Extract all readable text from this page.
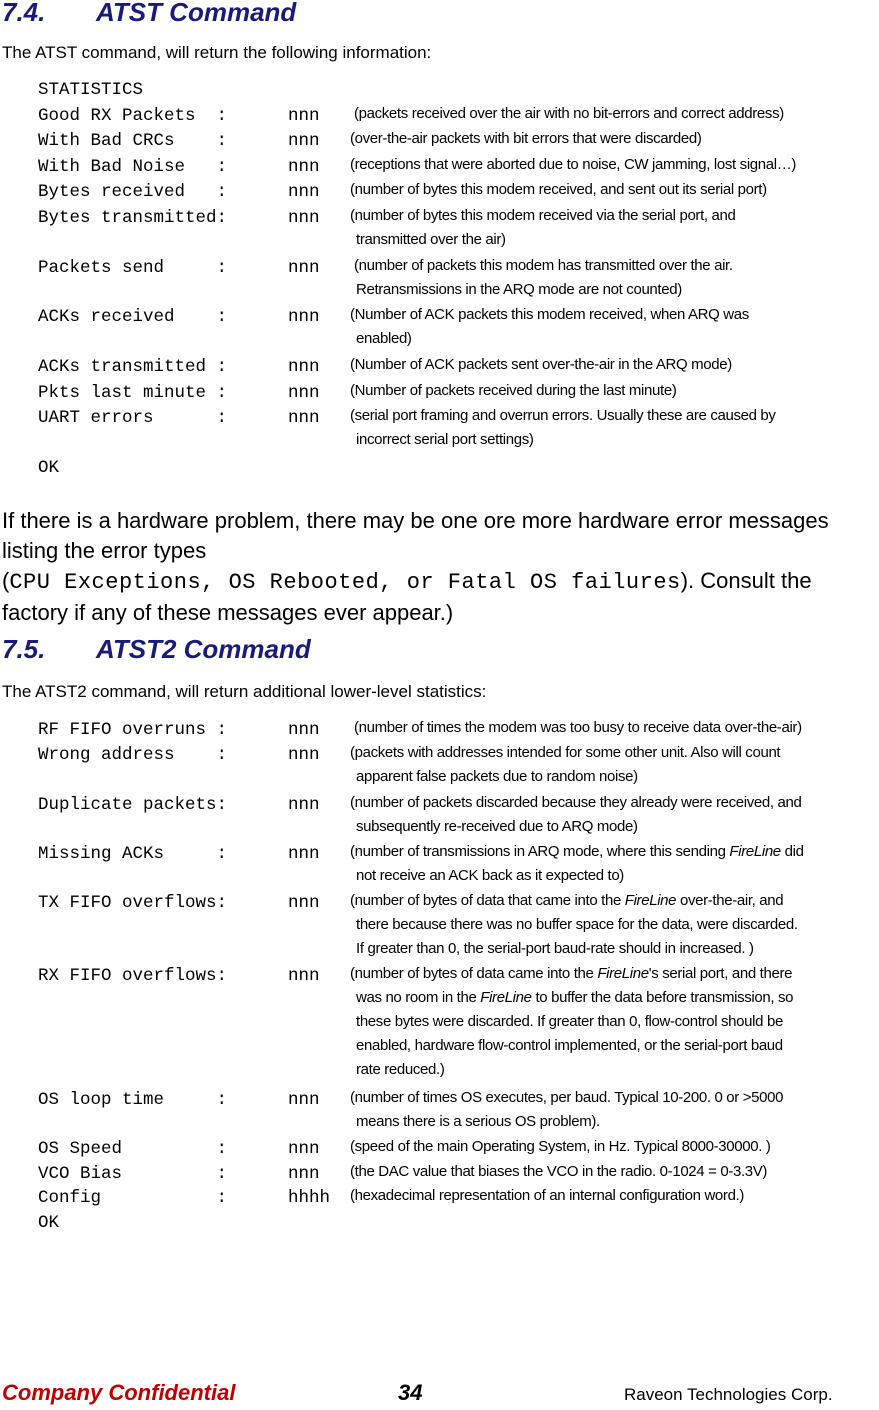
7.4. ATST Command

The ATST command, will return the following information:

STATISTICS

Good RX Packets  :	nnn (packets received over the air with no bit-errors and correct address)

With Bad CRCs    :	nnn (over-the-air packets with bit errors that were discarded)

With Bad Noise   :	nnn (receptions that were aborted due to noise, CW jamming, lost signal…)

Bytes received   :	nnn (number of bytes this modem received, and sent out its serial port)

Bytes transmitted:	nnn (number of bytes this modem received via the serial port, and

transmitted over the air)

Packets send     :	nnn (number of packets this modem has transmitted over the air.

Retransmissions in the ARQ mode are not counted)

ACKs received    :	nnn (Number of ACK packets this modem received, when ARQ was

enabled)

ACKs transmitted :	nnn (Number of ACK packets sent over-the-air in the ARQ mode)

Pkts last minute :	nnn (Number of packets received during the last minute)

UART errors      :	nnn (serial port framing and overrun errors. Usually these are caused by

incorrect serial port settings)

OK

If there is a hardware problem, there may be one ore more hardware error messages listing the error types (CPU Exceptions, OS Rebooted, or Fatal OS failures). Consult the factory if any of these messages ever appear.)

7.5. ATST2 Command

The ATST2 command, will return additional lower-level statistics:

RF FIFO overruns :	nnn (number of times the modem was too busy to receive data over-the-air)

Wrong address    :	nnn (packets with addresses intended for some other unit. Also will count

apparent false packets due to random noise)

Duplicate packets:	nnn (number of packets discarded because they already were received, and

subsequently re-received due to ARQ mode)

Missing ACKs     :	nnn (number of transmissions in ARQ mode, where this sending FireLine did

not receive an ACK back as it expected to)

TX FIFO overflows:	nnn (number of bytes of data that came into the FireLine over-the-air, and

there because there was no buffer space for the data, were discarded.

If greater than 0, the serial-port baud-rate should in increased. )

RX FIFO overflows:	nnn (number of bytes of data came into the FireLine's serial port, and there

was no room in the FireLine to buffer the data before transmission, so

these bytes were discarded. If greater than 0, flow-control should be

enabled, hardware flow-control implemented, or the serial-port baud

rate reduced.)

OS loop time     :	nnn (number of times OS executes, per baud. Typical 10-200. 0 or >5000

means there is a serious OS problem).

OS Speed         :	nnn (speed of the main Operating System, in Hz. Typical 8000-30000. )

VCO Bias         :	nnn (the DAC value that biases the VCO in the radio. 0-1024 = 0-3.3V)

Config           :	hhhh (hexadecimal representation of an internal configuration word.)

OK

Company Confidential	34	Raveon Technologies Corp.
